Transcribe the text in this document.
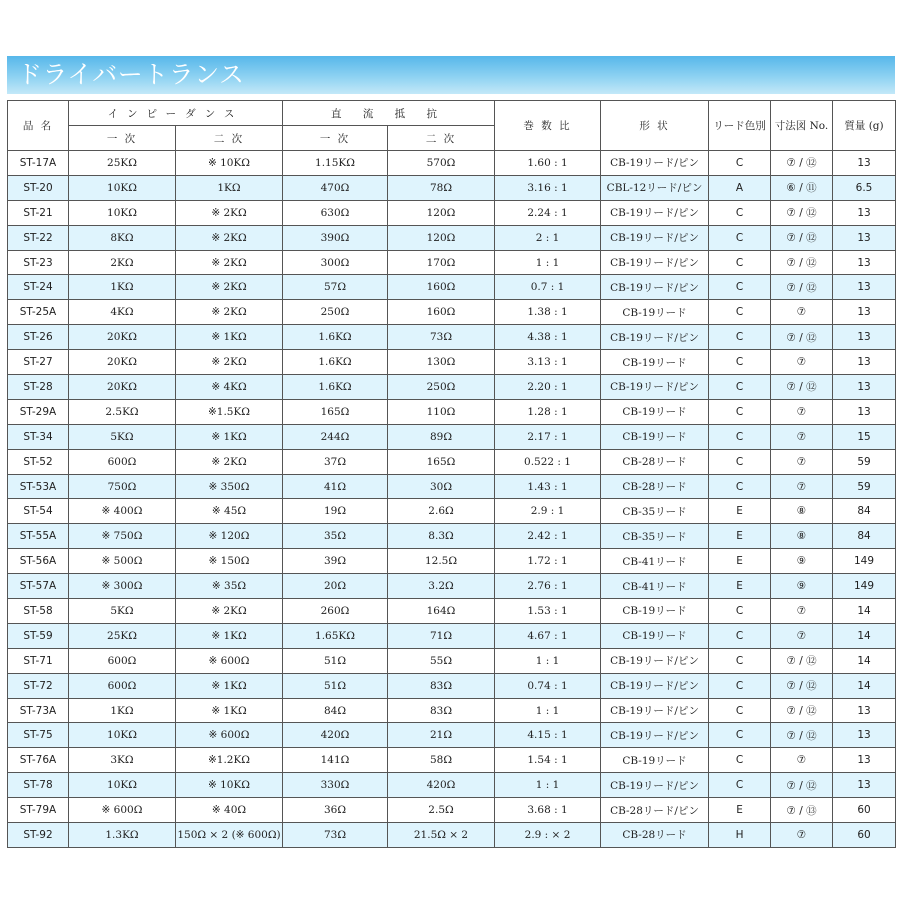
ドライバートランス
品 名	インピーダンス		直 流 抵 抗		巻 数 比	形 状	リード色別	寸法図 No.	質量 (g)
	一 次	二 次	一 次	二 次					
ST-17A	25KΩ	※ 10KΩ	1.15KΩ	570Ω	1.60 : 1	CB-19リード/ピン	C	⑦ / ⑫	13
ST-20	10KΩ	1KΩ	470Ω	78Ω	3.16 : 1	CBL-12リード/ピン	A	⑥ / ⑪	6.5
ST-21	10KΩ	※ 2KΩ	630Ω	120Ω	2.24 : 1	CB-19リード/ピン	C	⑦ / ⑫	13
ST-22	8KΩ	※ 2KΩ	390Ω	120Ω	2 : 1	CB-19リード/ピン	C	⑦ / ⑫	13
ST-23	2KΩ	※ 2KΩ	300Ω	170Ω	1 : 1	CB-19リード/ピン	C	⑦ / ⑫	13
ST-24	1KΩ	※ 2KΩ	57Ω	160Ω	0.7 : 1	CB-19リード/ピン	C	⑦ / ⑫	13
ST-25A	4KΩ	※ 2KΩ	250Ω	160Ω	1.38 : 1	CB-19リード	C	⑦	13
ST-26	20KΩ	※ 1KΩ	1.6KΩ	73Ω	4.38 : 1	CB-19リード/ピン	C	⑦ / ⑫	13
ST-27	20KΩ	※ 2KΩ	1.6KΩ	130Ω	3.13 : 1	CB-19リード	C	⑦	13
ST-28	20KΩ	※ 4KΩ	1.6KΩ	250Ω	2.20 : 1	CB-19リード/ピン	C	⑦ / ⑫	13
ST-29A	2.5KΩ	※1.5KΩ	165Ω	110Ω	1.28 : 1	CB-19リード	C	⑦	13
ST-34	5KΩ	※ 1KΩ	244Ω	89Ω	2.17 : 1	CB-19リード	C	⑦	15
ST-52	600Ω	※ 2KΩ	37Ω	165Ω	0.522 : 1	CB-28リード	C	⑦	59
ST-53A	750Ω	※ 350Ω	41Ω	30Ω	1.43 : 1	CB-28リード	C	⑦	59
ST-54	※ 400Ω	※ 45Ω	19Ω	2.6Ω	2.9 : 1	CB-35リード	E	⑧	84
ST-55A	※ 750Ω	※ 120Ω	35Ω	8.3Ω	2.42 : 1	CB-35リード	E	⑧	84
ST-56A	※ 500Ω	※ 150Ω	39Ω	12.5Ω	1.72 : 1	CB-41リード	E	⑨	149
ST-57A	※ 300Ω	※ 35Ω	20Ω	3.2Ω	2.76 : 1	CB-41リード	E	⑨	149
ST-58	5KΩ	※ 2KΩ	260Ω	164Ω	1.53 : 1	CB-19リード	C	⑦	14
ST-59	25KΩ	※ 1KΩ	1.65KΩ	71Ω	4.67 : 1	CB-19リード	C	⑦	14
ST-71	600Ω	※ 600Ω	51Ω	55Ω	1 : 1	CB-19リード/ピン	C	⑦ / ⑫	14
ST-72	600Ω	※ 1KΩ	51Ω	83Ω	0.74 : 1	CB-19リード/ピン	C	⑦ / ⑫	14
ST-73A	1KΩ	※ 1KΩ	84Ω	83Ω	1 : 1	CB-19リード/ピン	C	⑦ / ⑫	13
ST-75	10KΩ	※ 600Ω	420Ω	21Ω	4.15 : 1	CB-19リード/ピン	C	⑦ / ⑫	13
ST-76A	3KΩ	※1.2KΩ	141Ω	58Ω	1.54 : 1	CB-19リード	C	⑦	13
ST-78	10KΩ	※ 10KΩ	330Ω	420Ω	1 : 1	CB-19リード/ピン	C	⑦ / ⑫	13
ST-79A	※ 600Ω	※ 40Ω	36Ω	2.5Ω	3.68 : 1	CB-28リード/ピン	E	⑦ / ⑬	60
ST-92	1.3KΩ	150Ω × 2 (※ 600Ω)	73Ω	21.5Ω × 2	2.9 : × 2	CB-28リード	H	⑦	60
